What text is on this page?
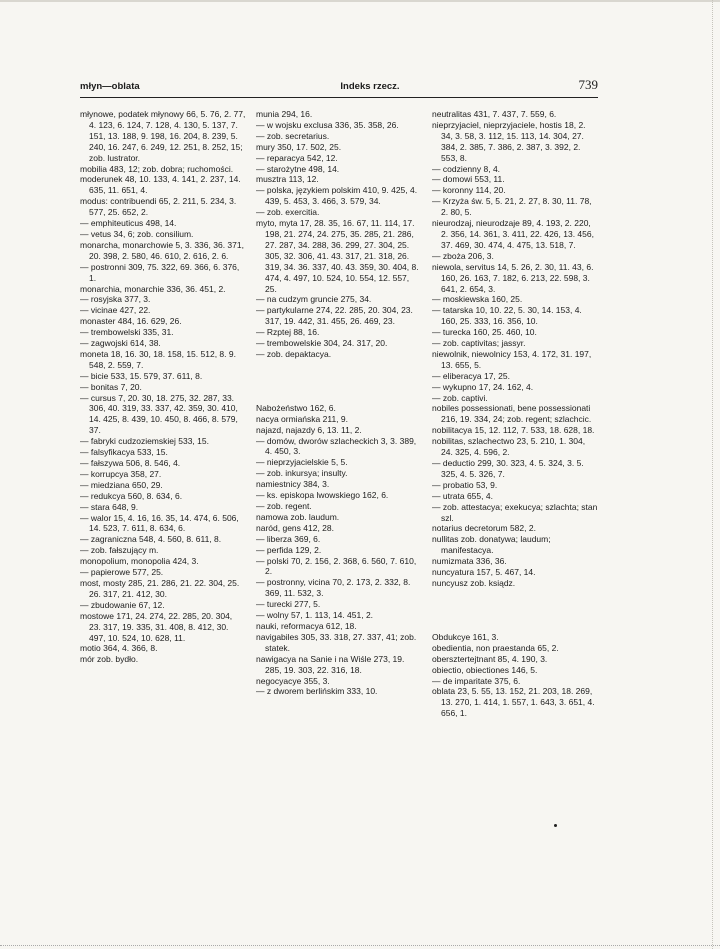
młyn—oblata	Indeks rzecz.	739
młynowe, podatek młynowy 66, 5. 76, 2. 77, 4. 123, 6. 124, 7. 128, 4. 130, 5. 137, 7. 151, 13. 188, 9. 198, 16. 204, 8. 239, 5. 240, 16. 247, 6. 249, 12. 251, 8. 252, 15; zob. lustrator.
mobilia 483, 12; zob. dobra; ruchomości.
moderunek 48, 10. 133, 4. 141, 2. 237, 14. 635, 11. 651, 4.
modus: contribuendi 65, 2. 211, 5. 234, 3. 577, 25. 652, 2.
— emphiteuticus 498, 14.
— vetus 34, 6; zob. consilium.
monarcha, monarchowie 5, 3. 336, 36. 371, 20. 398, 2. 580, 46. 610, 2. 616, 2. 6.
— postronni 309, 75. 322, 69. 366, 6. 376, 1.
monarchia, monarchie 336, 36. 451, 2.
— rosyjska 377, 3.
— vicinae 427, 22.
monaster 484, 16. 629, 26.
— trembowelski 335, 31.
— zagwojski 614, 38.
moneta 18, 16. 30, 18. 158, 15. 512, 8. 9. 548, 2. 559, 7.
— bicie 533, 15. 579, 37. 611, 8.
— bonitas 7, 20.
— cursus 7, 20. 30, 18. 275, 32. 287, 33. 306, 40. 319, 33. 337, 42. 359, 30. 410, 14. 425, 8. 439, 10. 450, 8. 466, 8. 579, 37.
— fabryki cudzoziemskiej 533, 15.
— falsyfikacya 533, 15.
— fałszywa 506, 8. 546, 4.
— korrupcya 358, 27.
— miedziana 650, 29.
— redukcya 560, 8. 634, 6.
— stara 648, 9.
— walor 15, 4. 16, 16. 35, 14. 474, 6. 506, 14. 523, 7. 611, 8. 634, 6.
— zagraniczna 548, 4. 560, 8. 611, 8.
— zob. fałszujący m.
monopolium, monopolia 424, 3.
— papierowe 577, 25.
most, mosty 285, 21. 286, 21. 22. 304, 25. 26. 317, 21. 412, 30.
— zbudowanie 67, 12.
mostowe 171, 24. 274, 22. 285, 20. 304, 23. 317, 19. 335, 31. 408, 8. 412, 30. 497, 10. 524, 10. 628, 11.
motio 364, 4. 366, 8.
mór zob. bydło.
munia 294, 16.
— w wojsku exclusa 336, 35. 358, 26.
— zob. secretarius.
mury 350, 17. 502, 25.
— reparacya 542, 12.
— starożytne 498, 14.
musztra 113, 12.
— polska, językiem polskim 410, 9. 425, 4. 439, 5. 453, 3. 466, 3. 579, 34.
— zob. exercitia.
myto, myta 17, 28. 35, 16. 67, 11. 114, 17. 198, 21. 274, 24. 275, 35. 285, 21. 286, 27. 287, 34. 288, 36. 299, 27. 304, 25. 305, 32. 306, 41. 43. 317, 21. 318, 26. 319, 34. 36. 337, 40. 43. 359, 30. 404, 8. 474, 4. 497, 10. 524, 10. 554, 12. 557, 25.
— na cudzym gruncie 275, 34.
— partykularne 274, 22. 285, 20. 304, 23. 317, 19. 442, 31. 455, 26. 469, 23.
— Rzptej 88, 16.
— trembowelskie 304, 24. 317, 20.
— zob. depaktacya.
Nabożeństwo 162, 6.
nacya ormiańska 211, 9.
najazd, najazdy 6, 13. 11, 2.
— domów, dworów szlacheckich 3, 3. 389, 4. 450, 3.
— nieprzyjacielskie 5, 5.
— zob. inkursya; insulty.
namiestnicy 384, 3.
— ks. episkopa lwowskiego 162, 6.
— zob. regent.
namowa zob. laudum.
naród, gens 412, 28.
— liberza 369, 6.
— perfida 129, 2.
— polski 70, 2. 156, 2. 368, 6. 560, 7. 610, 2.
— postronny, vicina 70, 2. 173, 2. 332, 8. 369, 11. 532, 3.
— turecki 277, 5.
— wolny 57, 1. 113, 14. 451, 2.
nauki, reformacya 612, 18.
navigabiles 305, 33. 318, 27. 337, 41; zob. statek.
nawigacya na Sanie i na Wiśle 273, 19. 285, 19. 303, 22. 316, 18.
negocyacye 355, 3.
— z dworem berlińskim 333, 10.
neutralitas 431, 7. 437, 7. 559, 6.
nieprzyjaciel, nieprzyjaciele, hostis 18, 2. 34, 3. 58, 3. 112, 15. 113, 14. 304, 27. 384, 2. 385, 7. 386, 2. 387, 3. 392, 2. 553, 8.
— codzienny 8, 4.
— domowi 553, 11.
— koronny 114, 20.
— Krzyża św. 5, 5. 21, 2. 27, 8. 30, 11. 78, 2. 80, 5.
nieurodzaj, nieurodzaje 89, 4. 193, 2. 220, 2. 356, 14. 361, 3. 411, 22. 426, 13. 456, 37. 469, 30. 474, 4. 475, 13. 518, 7.
— zboża 206, 3.
niewola, servitus 14, 5. 26, 2. 30, 11. 43, 6. 160, 26. 163, 7. 182, 6. 213, 22. 598, 3. 641, 2. 654, 3.
— moskiewska 160, 25.
— tatarska 10, 10. 22, 5. 30, 14. 153, 4. 160, 25. 333, 16. 356, 10.
— turecka 160, 25. 460, 10.
— zob. captivitas; jassyr.
niewolnik, niewolnicy 153, 4. 172, 31. 197, 13. 655, 5.
— eliberacya 17, 25.
— wykupno 17, 24. 162, 4.
— zob. captivi.
nobiles possessionati, bene possessionati 216, 19. 334, 24; zob. regent; szlachcic.
nobilitacya 15, 12. 112, 7. 533, 18. 628, 18.
nobilitas, szlachectwo 23, 5. 210, 1. 304, 24. 325, 4. 596, 2.
— deductio 299, 30. 323, 4. 5. 324, 3. 5. 325, 4. 5. 326, 7.
— probatio 53, 9.
— utrata 655, 4.
— zob. attestacya; exekucya; szlachta; stan szl.
notarius decretorum 582, 2.
nullitas zob. donatywa; laudum; manifestacya.
numizmata 336, 36.
nuncyatura 157, 5. 467, 14.
nuncyusz zob. ksiądz.
Obdukcye 161, 3.
obedientia, non praestanda 65, 2.
obersztertejtnant 85, 4. 190, 3.
obiectio, obiectiones 146, 5.
— de imparitate 375, 6.
oblata 23, 5. 55, 13. 152, 21. 203, 18. 269, 13. 270, 1. 414, 1. 557, 1. 643, 3. 651, 4. 656, 1.
